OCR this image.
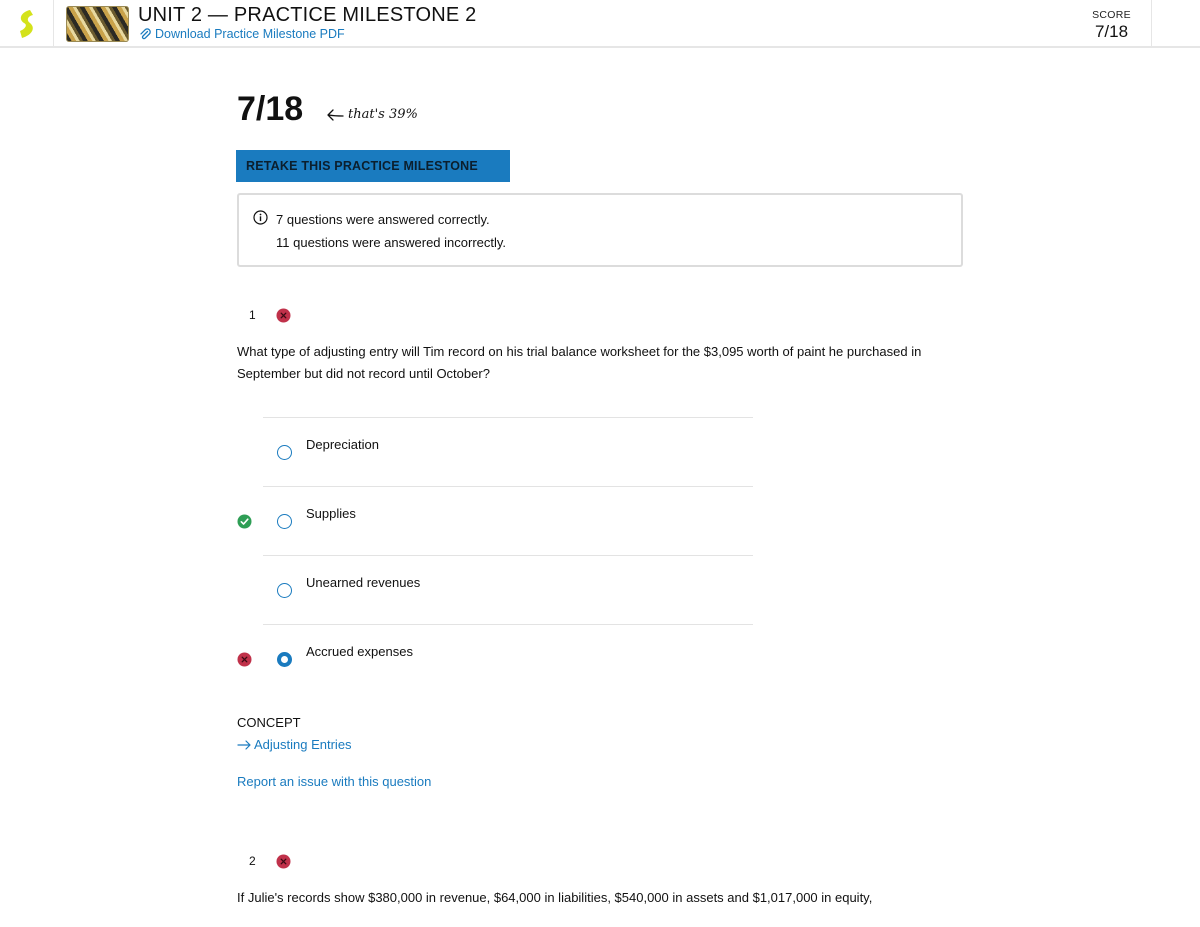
UNIT 2 — PRACTICE MILESTONE 2
Download Practice Milestone PDF
SCORE
7/18
7/18	that's 39%
RETAKE THIS PRACTICE MILESTONE
7 questions were answered correctly.
11 questions were answered incorrectly.
1
What type of adjusting entry will Tim record on his trial balance worksheet for the $3,095 worth of paint he purchased in September but did not record until October?
Depreciation
Supplies
Unearned revenues
Accrued expenses
CONCEPT
Adjusting Entries
Report an issue with this question
2
If Julie's records show $380,000 in revenue, $64,000 in liabilities, $540,000 in assets and $1,017,000 in equity,
